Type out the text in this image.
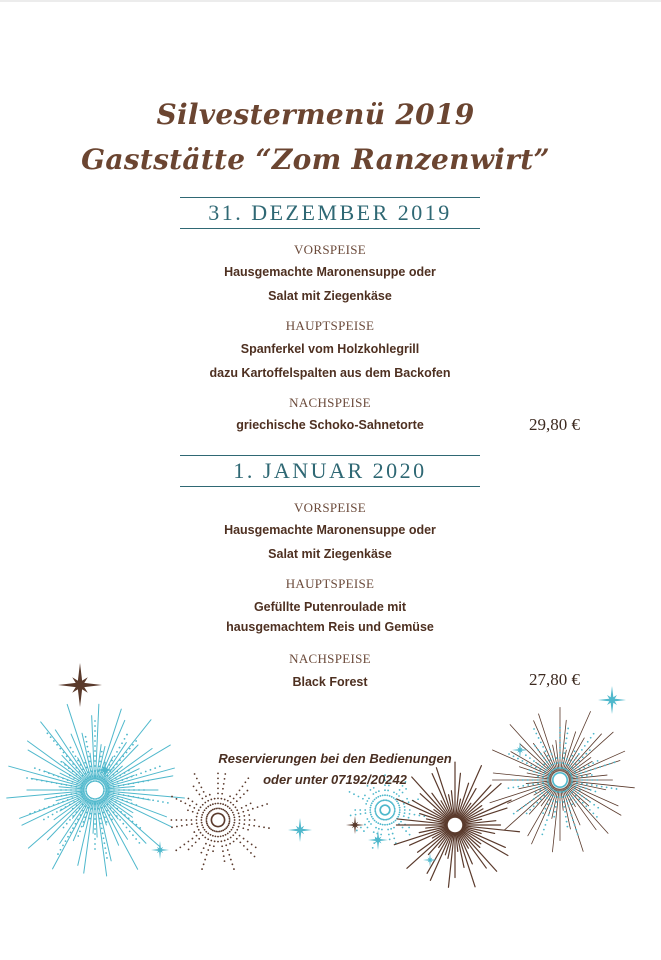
Silvestermenü 2019
Gaststätte “Zom Ranzenwirt”
31. DEZEMBER 2019
VORSPEISE
Hausgemachte Maronensuppe oder
Salat mit Ziegenkäse
HAUPTSPEISE
Spanferkel vom Holzkohlegrill
dazu Kartoffelspalten aus dem Backofen
NACHSPEISE
griechische Schoko-Sahnetorte	29,80 €
1. JANUAR 2020
VORSPEISE
Hausgemachte Maronensuppe oder
Salat mit Ziegenkäse
HAUPTSPEISE
Gefüllte Putenroulade mit
hausgemachtem Reis und Gemüse
NACHSPEISE
Black Forest	27,80 €
Reservierungen bei den Bedienungen
oder unter 07192/20242
